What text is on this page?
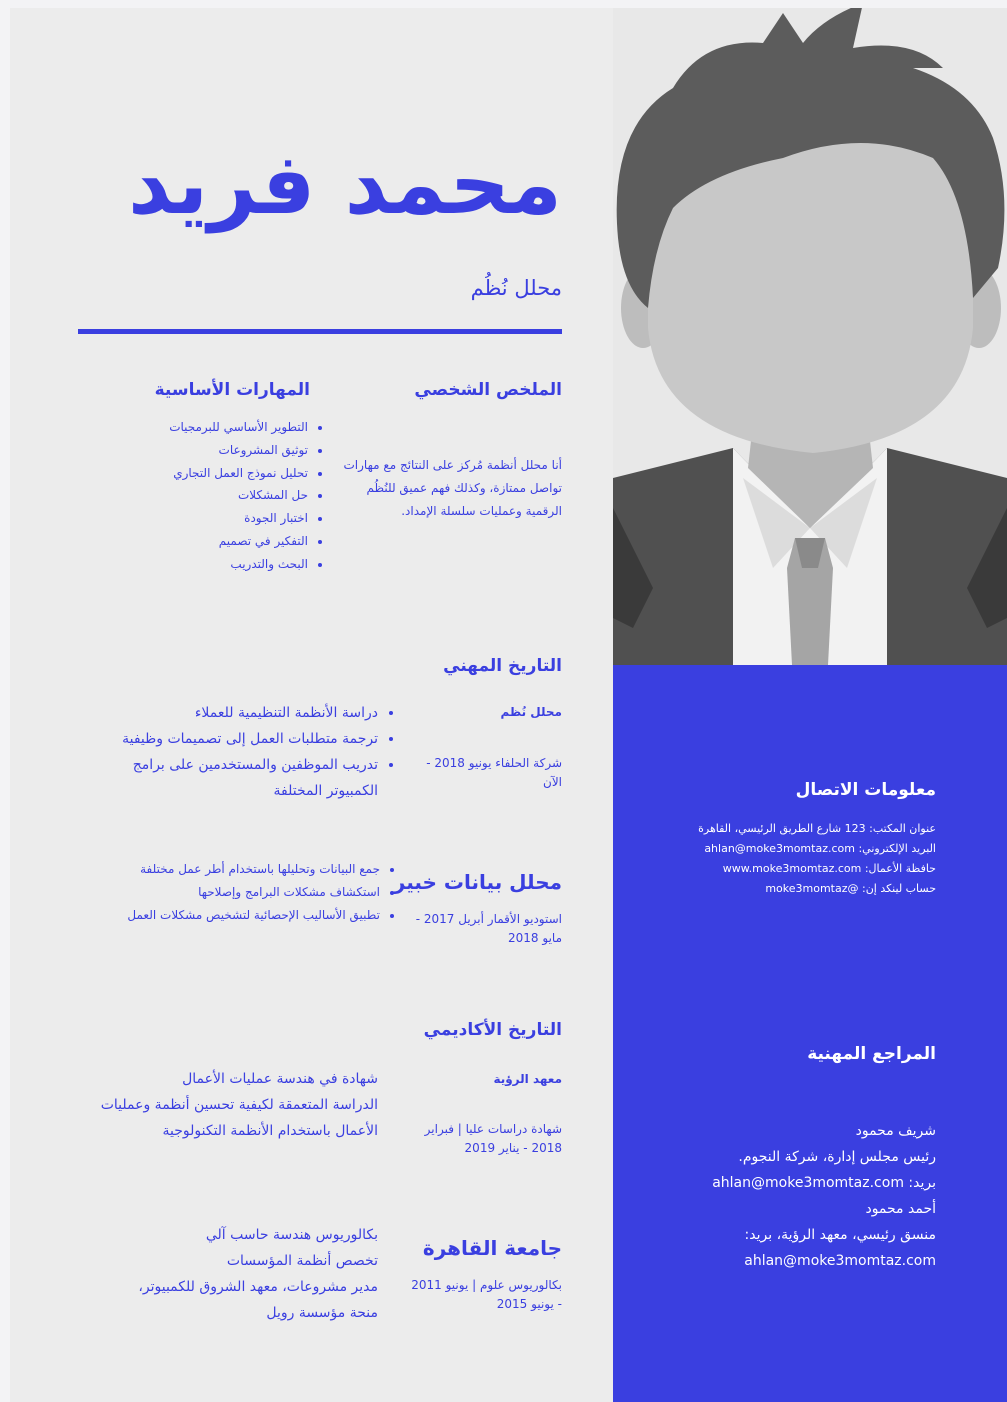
محمد فريد
محلل نُظُم
الملخص الشخصي
أنا محلل أنظمة مُركز على النتائج مع مهارات تواصل ممتازة، وكذلك فهم عميق للنُظُم الرقمية وعمليات سلسلة الإمداد.
المهارات الأساسية
• التطوير الأساسي للبرمجيات
• توثيق المشروعات
• تحليل نموذج العمل التجاري
• حل المشكلات
• اختبار الجودة
• التفكير في تصميم
• البحث والتدريب
التاريخ المهني
محلل نُظم
شركة الحلفاء يونيو 2018 - الآن
• دراسة الأنظمة التنظيمية للعملاء
• ترجمة متطلبات العمل إلى تصميمات وظيفية
• تدريب الموظفين والمستخدمين على برامج الكمبيوتر المختلفة
محلل بيانات خبير
استوديو الأقمار أبريل 2017 - مايو 2018
• جمع البيانات وتحليلها باستخدام أطر عمل مختلفة
• استكشاف مشكلات البرامج وإصلاحها
• تطبيق الأساليب الإحصائية لتشخيص مشكلات العمل
التاريخ الأكاديمي
معهد الرؤية
شهادة دراسات عليا | فبراير 2018 - يناير 2019
شهادة في هندسة عمليات الأعمال
الدراسة المتعمقة لكيفية تحسين أنظمة وعمليات
الأعمال باستخدام الأنظمة التكنولوجية
جامعة القاهرة
بكالوريوس علوم | يونيو 2011 - يونيو 2015
بكالوريوس هندسة حاسب آلي
تخصص أنظمة المؤسسات
مدير مشروعات، معهد الشروق للكمبيوتر،
منحة مؤسسة رويل
معلومات الاتصال
عنوان المكتب: 123 شارع الطريق الرئيسي، القاهرة
البريد الإلكتروني: ahlan@moke3momtaz.com
حافظة الأعمال: www.moke3momtaz.com
حساب لينكد إن: @moke3momtaz
المراجع المهنية
شريف محمود
رئيس مجلس إدارة، شركة النجوم.
بريد: ahlan@moke3momtaz.com
أحمد محمود
منسق رئيسي، معهد الرؤية، بريد:
ahlan@moke3momtaz.com
